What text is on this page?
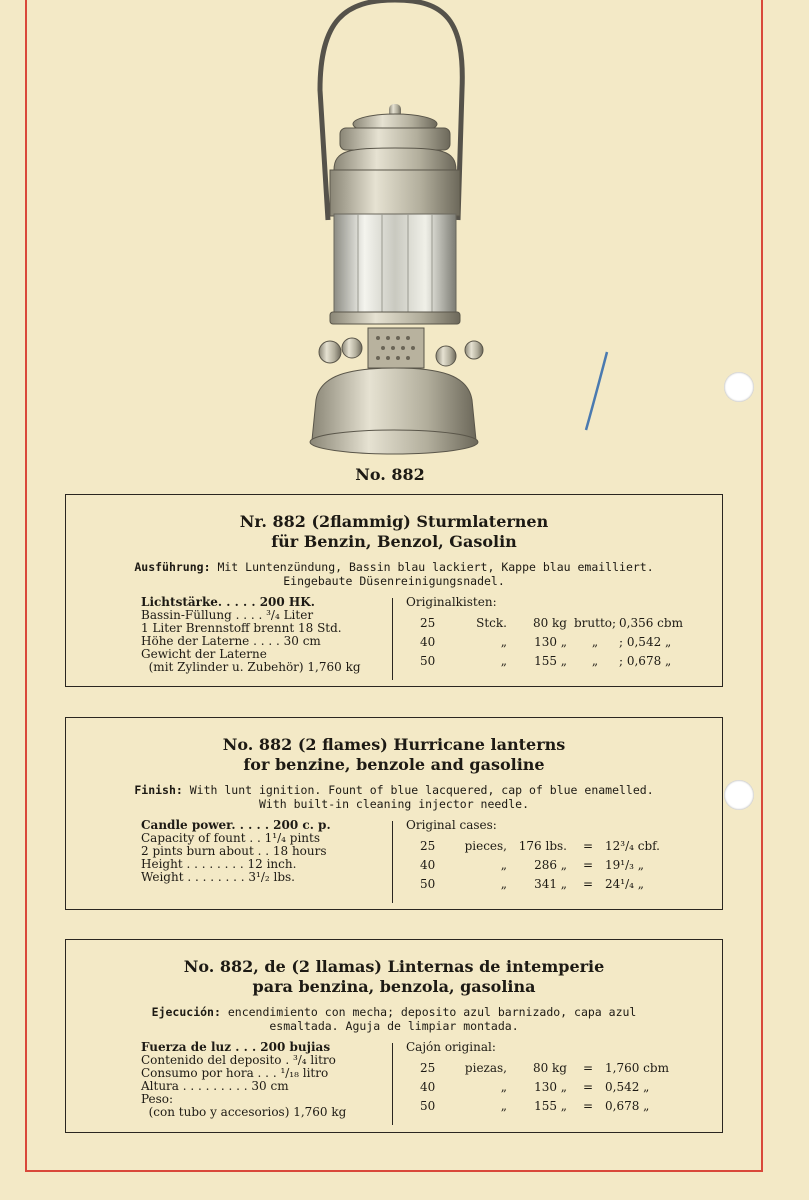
No. 882
Nr. 882 (2flammig) Sturmlaternen
für Benzin, Benzol, Gasolin
Ausführung: Mit Luntenzündung, Bassin blau lackiert, Kappe blau emailliert.
Eingebaute Düsenreinigungsnadel.
Lichtstärke. . . . . 200 HK.
Bassin-Füllung . . . . ³/₄ Liter
1 Liter Brennstoff brennt 18 Std.
Höhe der Laterne . . . . 30 cm
Gewicht der Laterne
(mit Zylinder u. Zubehör) 1,760 kg
Originalkisten:
25	Stck.	80 kg brutto; 0,356 cbm
40	„	130 „	„	; 0,542 „
50	„	155 „	„	; 0,678 „
No. 882 (2 flames) Hurricane lanterns
for benzine, benzole and gasoline
Finish: With lunt ignition. Fount of blue lacquered, cap of blue enamelled.
With built-in cleaning injector needle.
Candle power. . . . . 200 c. p.
Capacity of fount . . 1¹/₄ pints
2 pints burn about . . 18 hours
Height . . . . . . . . 12 inch.
Weight . . . . . . . . 3¹/₂ lbs.
Original cases:
25	pieces, 176 lbs.	= 12³/₄ cbf.
40	„	286 „	= 19¹/₃ „
50	„	341 „	= 24¹/₄ „
No. 882, de (2 llamas) Linternas de intemperie
para benzina, benzola, gasolina
Ejecución: encendimiento con mecha; deposito azul barnizado, capa azul
esmaltada. Aguja de limpiar montada.
Fuerza de luz . . . 200 bujias
Contenido del deposito . ³/₄ litro
Consumo por hora . . . ¹/₁₈ litro
Altura . . . . . . . . . 30 cm
Peso:
(con tubo y accesorios) 1,760 kg
Cajón original:
25	piezas,	80 kg	= 1,760 cbm
40	„	130 „	= 0,542 „
50	„	155 „	= 0,678 „
